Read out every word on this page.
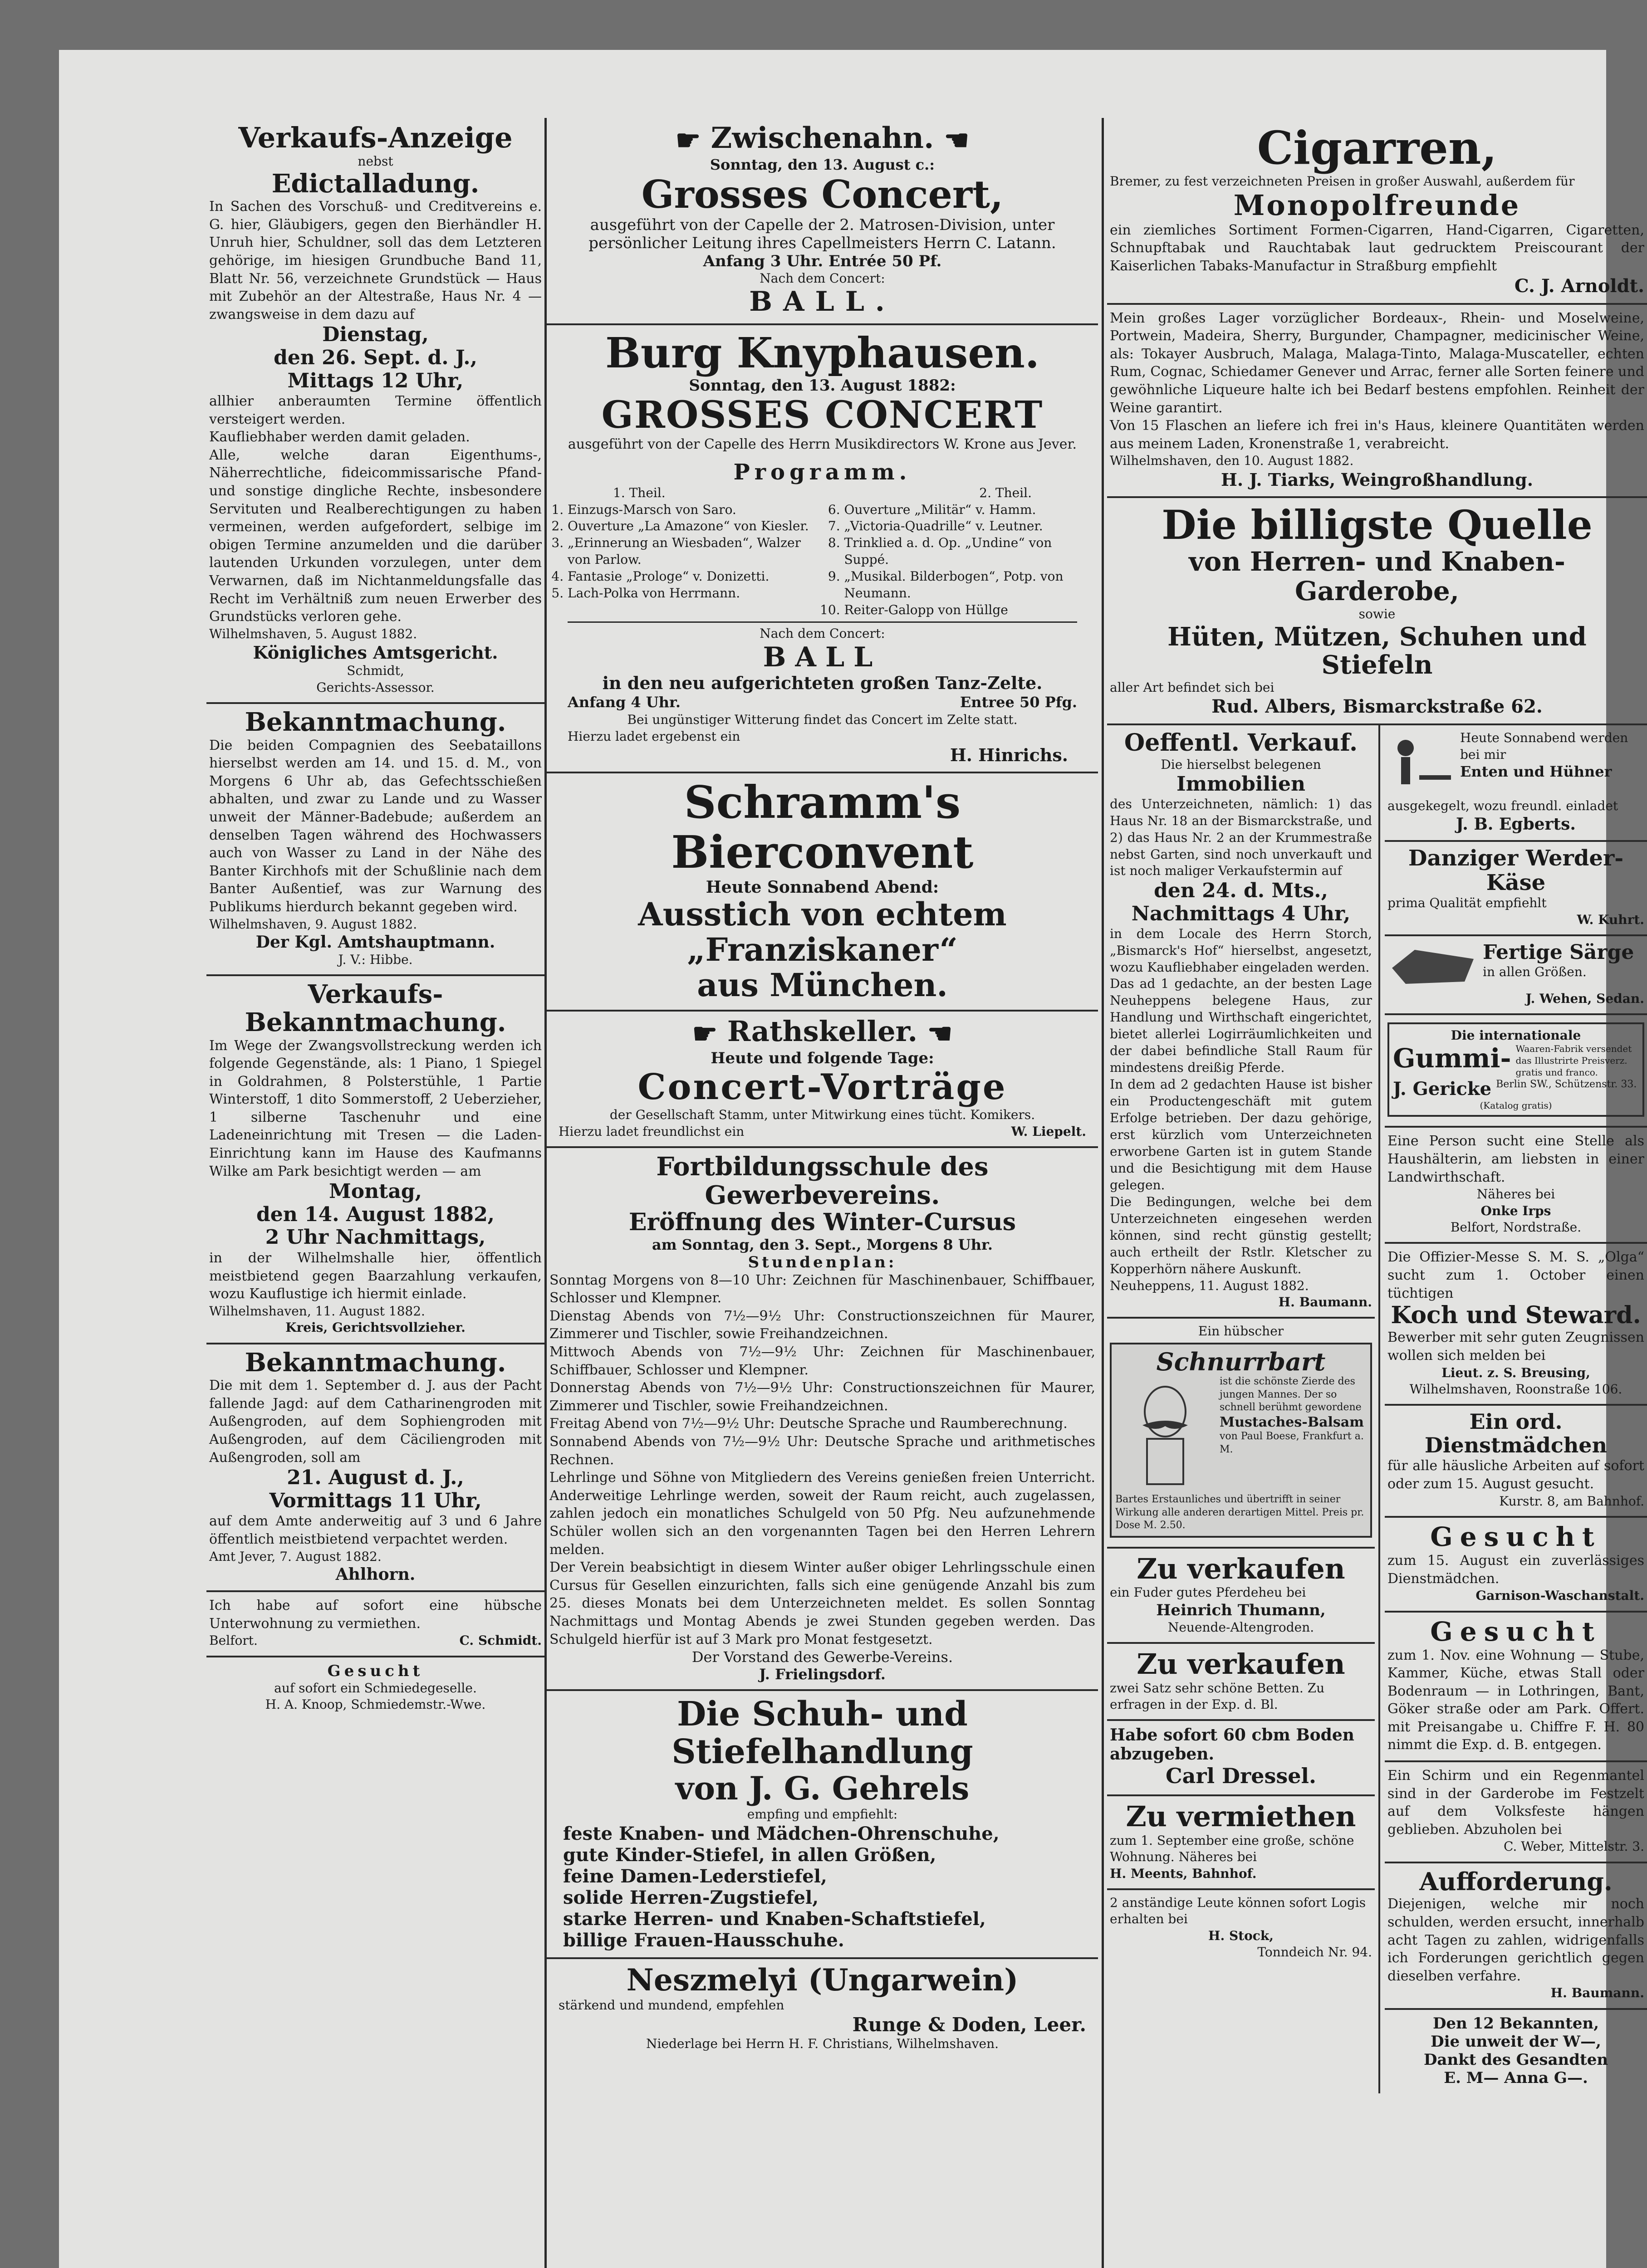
Verkaufs-Anzeige
nebst
Edictalladung.
In Sachen des Vorschuß- und Creditvereins e. G. hier, Gläubigers, gegen den Bierhändler H. Unruh hier, Schuldner, soll das dem Letzteren gehörige, im hiesigen Grundbuche Band 11, Blatt Nr. 56, verzeichnete Grundstück — Haus mit Zubehör an der Altestraße, Haus Nr. 4 — zwangsweise in dem dazu auf
Dienstag,
den 26. Sept. d. J.,
Mittags 12 Uhr,
allhier anberaumten Termine öffentlich versteigert werden.
Kaufliebhaber werden damit geladen.
Alle, welche daran Eigenthums-, Näherrechtliche, fideicommissarische Pfand- und sonstige dingliche Rechte, insbesondere Servituten und Realberechtigungen zu haben vermeinen, werden aufgefordert, selbige im obigen Termine anzumelden und die darüber lautenden Urkunden vorzulegen, unter dem Verwarnen, daß im Nichtanmeldungsfalle das Recht im Verhältniß zum neuen Erwerber des Grundstücks verloren gehe.
Wilhelmshaven, 5. August 1882.
Königliches Amtsgericht.
Schmidt,
Gerichts-Assessor.
Bekanntmachung.
Die beiden Compagnien des Seebataillons hierselbst werden am 14. und 15. d. M., von Morgens 6 Uhr ab, das Gefechtsschießen abhalten, und zwar zu Lande und zu Wasser unweit der Männer-Badebude; außerdem an denselben Tagen während des Hochwassers auch von Wasser zu Land in der Nähe des Banter Kirchhofs mit der Schußlinie nach dem Banter Außentief, was zur Warnung des Publikums hierdurch bekannt gegeben wird.
Wilhelmshaven, 9. August 1882.
Der Kgl. Amtshauptmann.
J. V.: Hibbe.
Verkaufs-
Bekanntmachung.
Im Wege der Zwangsvollstreckung werden ich folgende Gegenstände, als: 1 Piano, 1 Spiegel in Goldrahmen, 8 Polsterstühle, 1 Partie Winterstoff, 1 dito Sommerstoff, 2 Ueberzieher, 1 silberne Taschenuhr und eine Ladeneinrichtung mit Tresen — die Laden-Einrichtung kann im Hause des Kaufmanns Wilke am Park besichtigt werden — am
Montag,
den 14. August 1882,
2 Uhr Nachmittags,
in der Wilhelmshalle hier, öffentlich meistbietend gegen Baarzahlung verkaufen, wozu Kauflustige ich hiermit einlade.
Wilhelmshaven, 11. August 1882.
Kreis, Gerichtsvollzieher.
Bekanntmachung.
Die mit dem 1. September d. J. aus der Pacht fallende Jagd: auf dem Catharinengroden mit Außengroden, auf dem Sophiengroden mit Außengroden, auf dem Cäciliengroden mit Außengroden, soll am
21. August d. J.,
Vormittags 11 Uhr,
auf dem Amte anderweitig auf 3 und 6 Jahre öffentlich meistbietend verpachtet werden.
Amt Jever, 7. August 1882.
Ahlhorn.
Ich habe auf sofort eine hübsche Unterwohnung zu vermiethen.
Belfort.	C. Schmidt.
Gesucht
auf sofort ein Schmiedegeselle.
H. A. Knoop, Schmiedemstr.-Wwe.
☛ Zwischenahn. ☚
Sonntag, den 13. August c.:
Grosses Concert,
ausgeführt von der Capelle der 2. Matrosen-Division, unter persönlicher Leitung ihres Capellmeisters Herrn C. Latann.
Anfang 3 Uhr. Entrée 50 Pf.
Nach dem Concert:
BALL.
Burg Knyphausen.
Sonntag, den 13. August 1882:
GROSSES CONCERT
ausgeführt von der Capelle des Herrn Musikdirectors W. Krone aus Jever.
Programm.
1. Theil.	2. Theil.
1. Einzugs-Marsch von Saro.
2. Ouverture „La Amazone“ von Kiesler.
3. „Erinnerung an Wiesbaden“, Walzer von Parlow.
4. Fantasie „Prologe“ v. Donizetti.
5. Lach-Polka von Herrmann.
6. Ouverture „Militär“ v. Hamm.
7. „Victoria-Quadrille“ v. Leutner.
8. Trinklied a. d. Op. „Undine“ von Suppé.
9. „Musikal. Bilderbogen“, Potp. von Neumann.
10. Reiter-Galopp von Hüllge
Nach dem Concert:
BALL
in den neu aufgerichteten großen Tanz-Zelte.
Anfang 4 Uhr.	Entree 50 Pfg.
Bei ungünstiger Witterung findet das Concert im Zelte statt.
Hierzu ladet ergebenst ein
H. Hinrichs.
Schramm's Bierconvent
Heute Sonnabend Abend:
Ausstich von echtem „Franziskaner“
aus München.
☛ Rathskeller. ☚
Heute und folgende Tage:
Concert-Vorträge
der Gesellschaft Stamm, unter Mitwirkung eines tücht. Komikers.
Hierzu ladet freundlichst ein	W. Liepelt.
Fortbildungsschule des Gewerbevereins.
Eröffnung des Winter-Cursus
am Sonntag, den 3. Sept., Morgens 8 Uhr.
Stundenplan:
Sonntag Morgens von 8—10 Uhr: Zeichnen für Maschinenbauer, Schiffbauer, Schlosser und Klempner.
Dienstag Abends von 7½—9½ Uhr: Constructionszeichnen für Maurer, Zimmerer und Tischler, sowie Freihandzeichnen.
Mittwoch Abends von 7½—9½ Uhr: Zeichnen für Maschinenbauer, Schiffbauer, Schlosser und Klempner.
Donnerstag Abends von 7½—9½ Uhr: Constructionszeichnen für Maurer, Zimmerer und Tischler, sowie Freihandzeichnen.
Freitag Abend von 7½—9½ Uhr: Deutsche Sprache und Raumberechnung.
Sonnabend Abends von 7½—9½ Uhr: Deutsche Sprache und arithmetisches Rechnen.
Lehrlinge und Söhne von Mitgliedern des Vereins genießen freien Unterricht. Anderweitige Lehrlinge werden, soweit der Raum reicht, auch zugelassen, zahlen jedoch ein monatliches Schulgeld von 50 Pfg. Neu aufzunehmende Schüler wollen sich an den vorgenannten Tagen bei den Herren Lehrern melden.
Der Verein beabsichtigt in diesem Winter außer obiger Lehrlingsschule einen Cursus für Gesellen einzurichten, falls sich eine genügende Anzahl bis zum 25. dieses Monats bei dem Unterzeichneten meldet. Es sollen Sonntag Nachmittags und Montag Abends je zwei Stunden gegeben werden. Das Schulgeld hierfür ist auf 3 Mark pro Monat festgesetzt.
Der Vorstand des Gewerbe-Vereins.
J. Frielingsdorf.
Die Schuh- und Stiefelhandlung
von J. G. Gehrels
empfing und empfiehlt:
feste Knaben- und Mädchen-Ohrenschuhe,
gute Kinder-Stiefel, in allen Größen,
feine Damen-Lederstiefel,
solide Herren-Zugstiefel,
starke Herren- und Knaben-Schaftstiefel,
billige Frauen-Hausschuhe.
Neszmelyi (Ungarwein)
stärkend und mundend, empfehlen
Runge & Doden, Leer.
Niederlage bei Herrn H. F. Christians, Wilhelmshaven.
Cigarren,
Bremer, zu fest verzeichneten Preisen in großer Auswahl, außerdem für
Monopolfreunde
ein ziemliches Sortiment Formen-Cigarren, Hand-Cigarren, Cigaretten, Schnupftabak und Rauchtabak laut gedrucktem Preiscourant der Kaiserlichen Tabaks-Manufactur in Straßburg empfiehlt
C. J. Arnoldt.
Mein großes Lager vorzüglicher Bordeaux-, Rhein- und Moselweine, Portwein, Madeira, Sherry, Burgunder, Champagner, medicinischer Weine, als: Tokayer Ausbruch, Malaga, Malaga-Tinto, Malaga-Muscateller, echten Rum, Cognac, Schiedamer Genever und Arrac, ferner alle Sorten feinere und gewöhnliche Liqueure halte ich bei Bedarf bestens empfohlen. Reinheit der Weine garantirt.
Von 15 Flaschen an liefere ich frei in's Haus, kleinere Quantitäten werden aus meinem Laden, Kronenstraße 1, verabreicht.
Wilhelmshaven, den 10. August 1882.
H. J. Tiarks, Weingroßhandlung.
Die billigste Quelle
von Herren- und Knaben-Garderobe,
sowie
Hüten, Mützen, Schuhen und Stiefeln
aller Art befindet sich bei
Rud. Albers, Bismarckstraße 62.
Oeffentl. Verkauf.
Die hierselbst belegenen
Immobilien
des Unterzeichneten, nämlich: 1) das Haus Nr. 18 an der Bismarckstraße, und 2) das Haus Nr. 2 an der Krummestraße nebst Garten, sind noch unverkauft und ist noch maliger Verkaufstermin auf
den 24. d. Mts.,
Nachmittags 4 Uhr,
in dem Locale des Herrn Storch, „Bismarck's Hof“ hierselbst, angesetzt, wozu Kaufliebhaber eingeladen werden.
Das ad 1 gedachte, an der besten Lage Neuheppens belegene Haus, zur Handlung und Wirthschaft eingerichtet, bietet allerlei Logirräumlichkeiten und der dabei befindliche Stall Raum für mindestens dreißig Pferde.
In dem ad 2 gedachten Hause ist bisher ein Productengeschäft mit gutem Erfolge betrieben. Der dazu gehörige, erst kürzlich vom Unterzeichneten erworbene Garten ist in gutem Stande und die Besichtigung mit dem Hause gelegen.
Die Bedingungen, welche bei dem Unterzeichneten eingesehen werden können, sind recht günstig gestellt; auch ertheilt der Rstlr. Kletscher zu Kopperhörn nähere Auskunft.
Neuheppens, 11. August 1882.
H. Baumann.
Ein hübscher
Schnurrbart
ist die schönste Zierde des jungen Mannes. Der so schnell berühmt gewordene
Mustaches-Balsam
von Paul Boese, Frankfurt a. M.
Bartes Erstaunliches und übertrifft in seiner Wirkung alle anderen derartigen Mittel. Preis pr. Dose M. 2.50.
Zu verkaufen
ein Fuder gutes Pferdeheu bei
Heinrich Thumann,
Neuende-Altengroden.
Zu verkaufen
zwei Satz sehr schöne Betten. Zu erfragen in der Exp. d. Bl.
Habe sofort 60 cbm Boden abzugeben.
Carl Dressel.
Zu vermiethen
zum 1. September eine große, schöne Wohnung. Näheres bei
H. Meents, Bahnhof.
2 anständige Leute können sofort Logis erhalten bei
H. Stock,
Tonndeich Nr. 94.
Heute Sonnabend werden bei mir
Enten und Hühner
ausgekegelt, wozu freundl. einladet
J. B. Egberts.
Danziger Werder-Käse
prima Qualität empfiehlt
W. Kuhrt.
Fertige Särge
in allen Größen.
J. Wehen, Sedan.
Die internationale
Gummi- Waaren-Fabrik versendet das Illustrirte Preisverz. gratis und franco.
J. Gericke Berlin SW., Schützenstr. 33.
(Katalog gratis)
Eine Person sucht eine Stelle als Haushälterin, am liebsten in einer Landwirthschaft.
Näheres bei
Onke Irps
Belfort, Nordstraße.
Die Offizier-Messe S. M. S. „Olga“ sucht zum 1. October einen tüchtigen
Koch und Steward.
Bewerber mit sehr guten Zeugnissen wollen sich melden bei
Lieut. z. S. Breusing,
Wilhelmshaven, Roonstraße 106.
Ein ord. Dienstmädchen
für alle häusliche Arbeiten auf sofort oder zum 15. August gesucht.
Kurstr. 8, am Bahnhof.
Gesucht
zum 15. August ein zuverlässiges Dienstmädchen.
Garnison-Waschanstalt.
Gesucht
zum 1. Nov. eine Wohnung — Stube, Kammer, Küche, etwas Stall oder Bodenraum — in Lothringen, Bant, Göker straße oder am Park. Offert. mit Preisangabe u. Chiffre F. H. 80 nimmt die Exp. d. B. entgegen.
Ein Schirm und ein Regenmantel sind in der Garderobe im Festzelt auf dem Volksfeste hängen geblieben. Abzuholen bei
C. Weber, Mittelstr. 3.
Aufforderung.
Diejenigen, welche mir noch schulden, werden ersucht, innerhalb acht Tagen zu zahlen, widrigenfalls ich Forderungen gerichtlich gegen dieselben verfahre.
H. Baumann.
Den 12 Bekannten,
Die unweit der W—,
Dankt des Gesandten
E. M— Anna G—.
